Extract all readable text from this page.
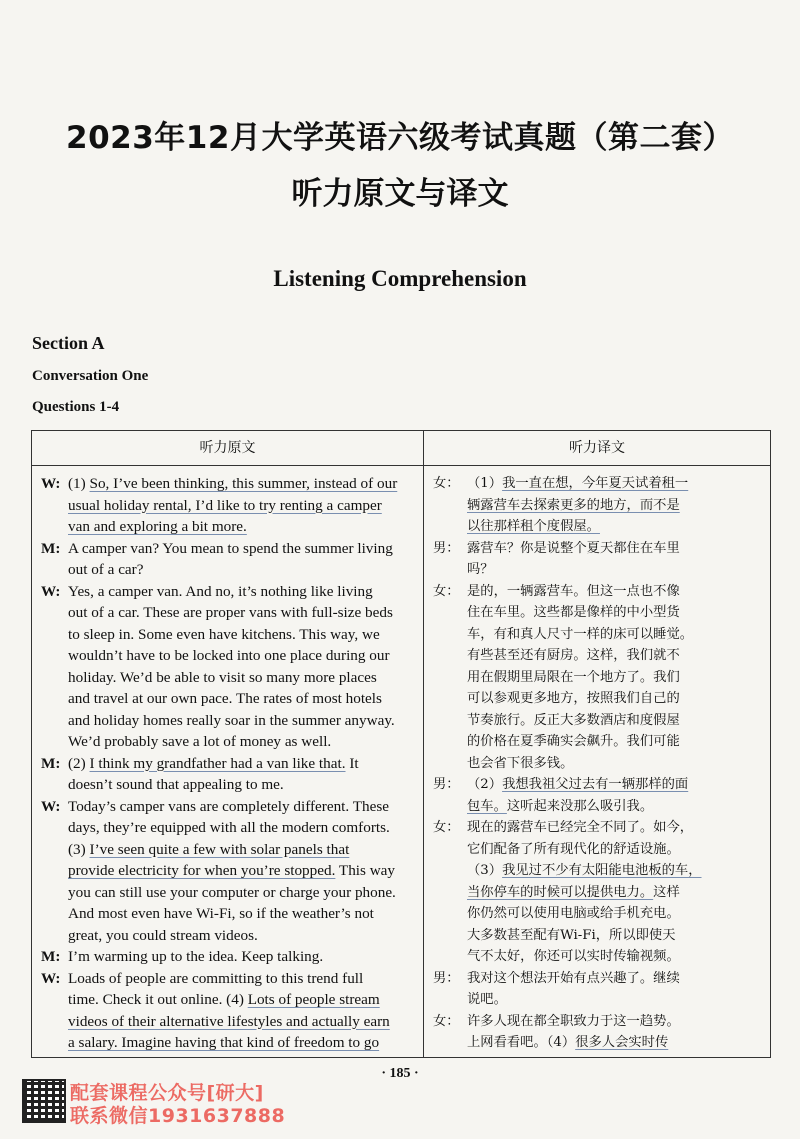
2023年12月大学英语六级考试真题（第二套）
听力原文与译文
Listening Comprehension
Section A
Conversation One
Questions 1-4
听力原文	听力译文
W: (1) So, I’ve been thinking, this summer, instead of our
usual holiday rental, I’d like to try renting a camper
van and exploring a bit more.
M: A camper van? You mean to spend the summer living
out of a car?
W: Yes, a camper van. And no, it’s nothing like living
out of a car. These are proper vans with full-size beds
to sleep in. Some even have kitchens. This way, we
wouldn’t have to be locked into one place during our
holiday. We’d be able to visit so many more places
and travel at our own pace. The rates of most hotels
and holiday homes really soar in the summer anyway.
We’d probably save a lot of money as well.
M: (2) I think my grandfather had a van like that. It
doesn’t sound that appealing to me.
W: Today’s camper vans are completely different. These
days, they’re equipped with all the modern comforts.
(3) I’ve seen quite a few with solar panels that
provide electricity for when you’re stopped. This way
you can still use your computer or charge your phone.
And most even have Wi-Fi, so if the weather’s not
great, you could stream videos.
M: I’m warming up to the idea. Keep talking.
W: Loads of people are committing to this trend full
time. Check it out online. (4) Lots of people stream
videos of their alternative lifestyles and actually earn
a salary. Imagine having that kind of freedom to go
女： （1）我一直在想，今年夏天试着租一
辆露营车去探索更多的地方，而不是
以往那样租个度假屋。
男： 露营车？你是说整个夏天都住在车里
吗？
女： 是的，一辆露营车。但这一点也不像
住在车里。这些都是像样的中小型货
车，有和真人尺寸一样的床可以睡觉。
有些甚至还有厨房。这样，我们就不
用在假期里局限在一个地方了。我们
可以参观更多地方，按照我们自己的
节奏旅行。反正大多数酒店和度假屋
的价格在夏季确实会飙升。我们可能
也会省下很多钱。
男： （2）我想我祖父过去有一辆那样的面
包车。这听起来没那么吸引我。
女： 现在的露营车已经完全不同了。如今，
它们配备了所有现代化的舒适设施。
（3）我见过不少有太阳能电池板的车，
当你停车的时候可以提供电力。这样
你仍然可以使用电脑或给手机充电。
大多数甚至配有Wi-Fi，所以即使天
气不太好，你还可以实时传输视频。
男： 我对这个想法开始有点兴趣了。继续
说吧。
女： 许多人现在都全职致力于这一趋势。
上网看看吧。（4）很多人会实时传
· 185 ·
配套课程公众号[研大]
联系微信1931637888
